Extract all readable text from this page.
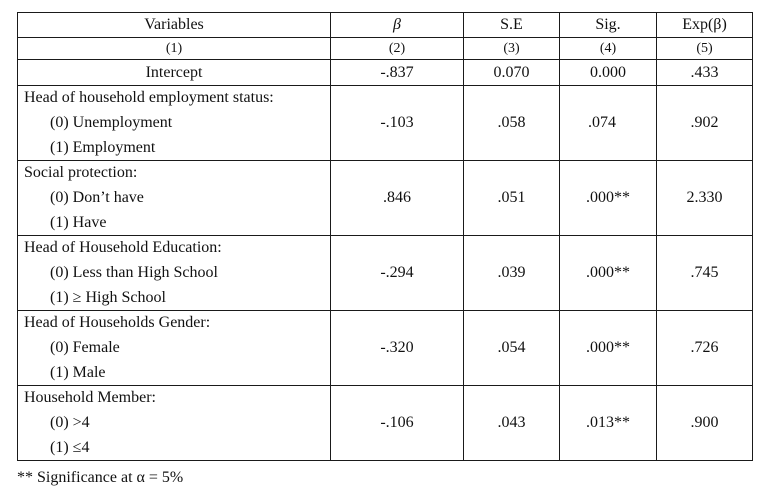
Variables	β	S.E	Sig.	Exp(β)
(1)	(2)	(3)	(4)	(5)
Intercept	-.837	0.070	0.000	.433

Head of household employment status:
(0) Unemployment
(1) Employment	-.103	.058	.074	.902

Social protection:
(0) Don’t have
(1) Have	.846	.051	.000**	2.330

Head of Household Education:
(0) Less than High School
(1) ≥ High School	-.294	.039	.000**	.745

Head of Households Gender:
(0) Female
(1) Male	-.320	.054	.000**	.726

Household Member:
(0) >4
(1) ≤4	-.106	.043	.013**	.900
** Significance at α = 5%
